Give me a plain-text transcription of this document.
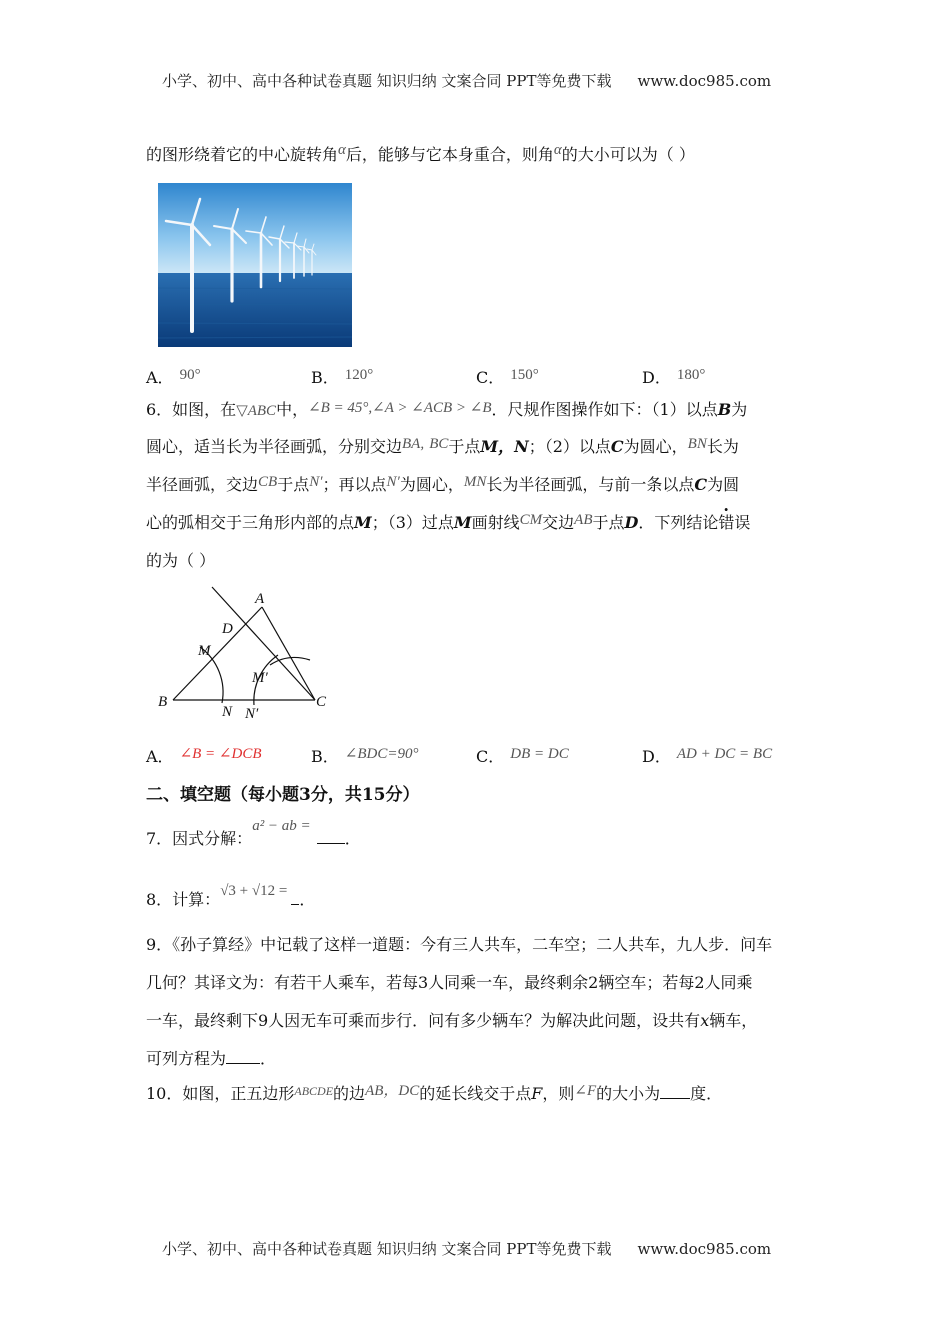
小学、初中、高中各种试卷真题 知识归纳 文案合同 PPT等免费下载 www.doc985.com
的图形绕着它的中心旋转角α后，能够与它本身重合，则角α的大小可以为（ ）
A． 90°	B． 120°	C． 150°	D． 180°
6．如图，在▽ABC中，∠B = 45°,∠A > ∠ACB > ∠B．尺规作图操作如下：（1）以点B为
圆心，适当长为半径画弧，分别交边BA, BC于点M，N；（2）以点C为圆心，BN长为
半径画弧，交边CB于点N′；再以点N′为圆心，MN长为半径画弧，与前一条以点C为圆
心的弧相交于三角形内部的点M；（3）过点M画射线CM交边AB于点D．下列结论错误
的为（ ）
A
D
M
M′
B
N N′
C
A． ∠B = ∠DCB	B． ∠BDC=90°	C． DB = DC	D． AD + DC = BC
二、填空题（每小题3分，共15分）
7．因式分解：a² − ab =．
8．计算：√3 + √12 = ．
9．《孙子算经》中记载了这样一道题：今有三人共车，二车空；二人共车，九人步．问车
几何？其译文为：有若干人乘车，若每3人同乘一车，最终剩余2辆空车；若每2人同乘
一车，最终剩下9人因无车可乘而步行．问有多少辆车？为解决此问题，设共有x辆车，
可列方程为 ．
10．如图，正五边形$^{ABCDE}$的边AB，DC的延长线交于点F，则∠F的大小为 度．
小学、初中、高中各种试卷真题 知识归纳 文案合同 PPT等免费下载 www.doc985.com
